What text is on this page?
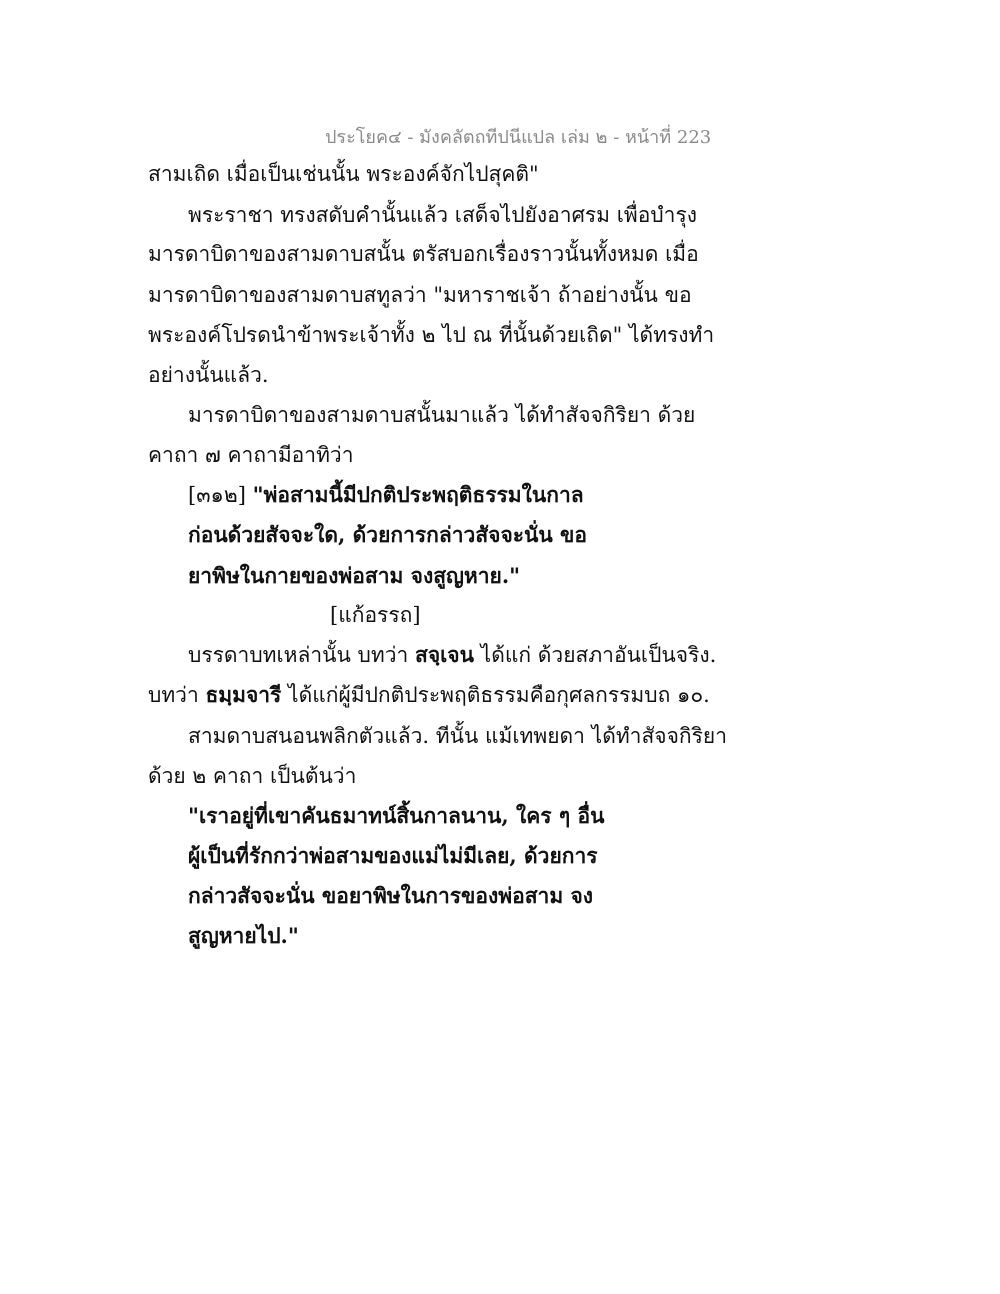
ประโยค๔ - มังคลัตถทีปนีแปล เล่ม ๒ - หน้าที่ 223
สามเถิด เมื่อเป็นเช่นนั้น พระองค์จักไปสุคติ"
พระราชา ทรงสดับคำนั้นแล้ว เสด็จไปยังอาศรม เพื่อบำรุง
มารดาบิดาของสามดาบสนั้น ตรัสบอกเรื่องราวนั้นทั้งหมด เมื่อ
มารดาบิดาของสามดาบสทูลว่า "มหาราชเจ้า ถ้าอย่างนั้น ขอ
พระองค์โปรดนำข้าพระเจ้าทั้ง ๒ ไป ณ ที่นั้นด้วยเถิด" ได้ทรงทำ
อย่างนั้นแล้ว.
มารดาบิดาของสามดาบสนั้นมาแล้ว ได้ทำสัจจกิริยา ด้วย
คาถา ๗ คาถามีอาทิว่า
[๓๑๒] "พ่อสามนี้มีปกติประพฤติธรรมในกาล
ก่อนด้วยสัจจะใด, ด้วยการกล่าวสัจจะนั่น ขอ
ยาพิษในกายของพ่อสาม จงสูญหาย."
[แก้อรรถ]
บรรดาบทเหล่านั้น บทว่า สจฺเจน ได้แก่ ด้วยสภาอันเป็นจริง.
บทว่า ธมฺมจารี ได้แก่ผู้มีปกติประพฤติธรรมคือกุศลกรรมบถ ๑๐.
สามดาบสนอนพลิกตัวแล้ว. ทีนั้น แม้เทพยดา ได้ทำสัจจกิริยา
ด้วย ๒ คาถา เป็นต้นว่า
"เราอยู่ที่เขาคันธมาทน์สิ้นกาลนาน, ใคร ๆ อื่น
ผู้เป็นที่รักกว่าพ่อสามของแม่ไม่มีเลย, ด้วยการ
กล่าวสัจจะนั่น ขอยาพิษในการของพ่อสาม จง
สูญหายไป."
